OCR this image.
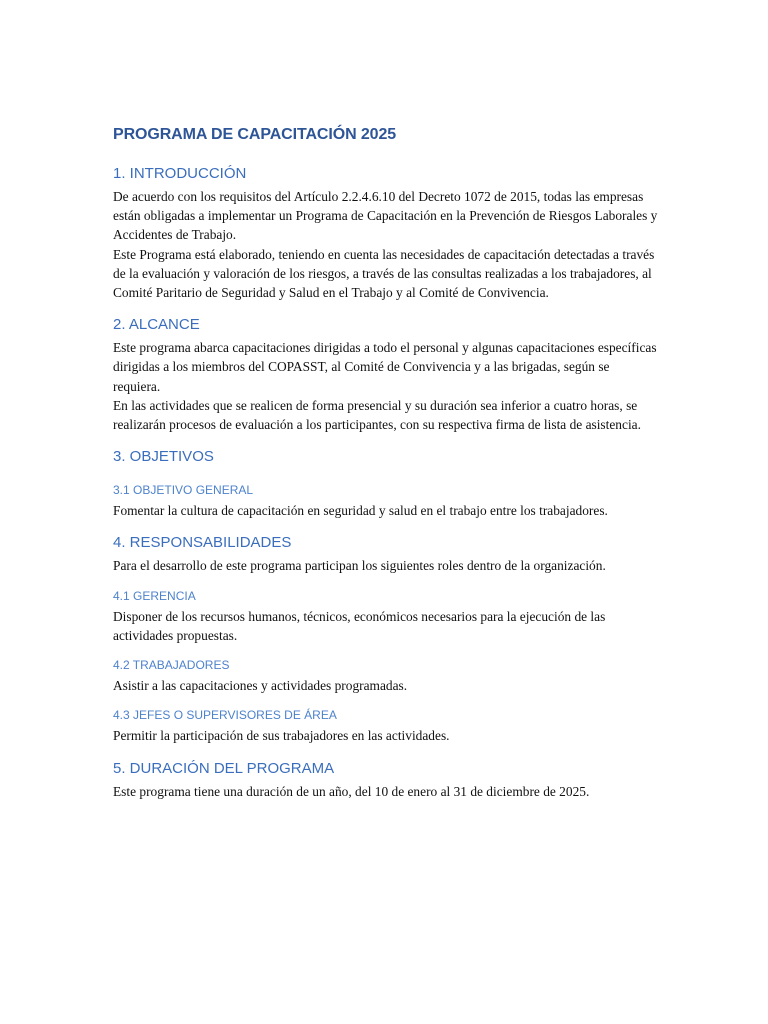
PROGRAMA DE CAPACITACIÓN 2025
1. INTRODUCCIÓN

De acuerdo con los requisitos del Artículo 2.2.4.6.10 del Decreto 1072 de 2015, todas las empresas están obligadas a implementar un Programa de Capacitación en la Prevención de Riesgos Laborales y Accidentes de Trabajo.

Este Programa está elaborado, teniendo en cuenta las necesidades de capacitación detectadas a través de la evaluación y valoración de los riesgos, a través de las consultas realizadas a los trabajadores, al Comité Paritario de Seguridad y Salud en el Trabajo y al Comité de Convivencia.

2. ALCANCE

Este programa abarca capacitaciones dirigidas a todo el personal y algunas capacitaciones específicas dirigidas a los miembros del COPASST, al Comité de Convivencia y a las brigadas, según se requiera.

En las actividades que se realicen de forma presencial y su duración sea inferior a cuatro horas, se realizarán procesos de evaluación a los participantes, con su respectiva firma de lista de asistencia.

3. OBJETIVOS
3.1 OBJETIVO GENERAL

Fomentar la cultura de capacitación en seguridad y salud en el trabajo entre los trabajadores.

4. RESPONSABILIDADES

Para el desarrollo de este programa participan los siguientes roles dentro de la organización.

4.1 GERENCIA

Disponer de los recursos humanos, técnicos, económicos necesarios para la ejecución de las actividades propuestas.

4.2 TRABAJADORES

Asistir a las capacitaciones y actividades programadas.

4.3 JEFES O SUPERVISORES DE ÁREA

Permitir la participación de sus trabajadores en las actividades.

5. DURACIÓN DEL PROGRAMA

Este programa tiene una duración de un año, del 10 de enero al 31 de diciembre de 2025.
